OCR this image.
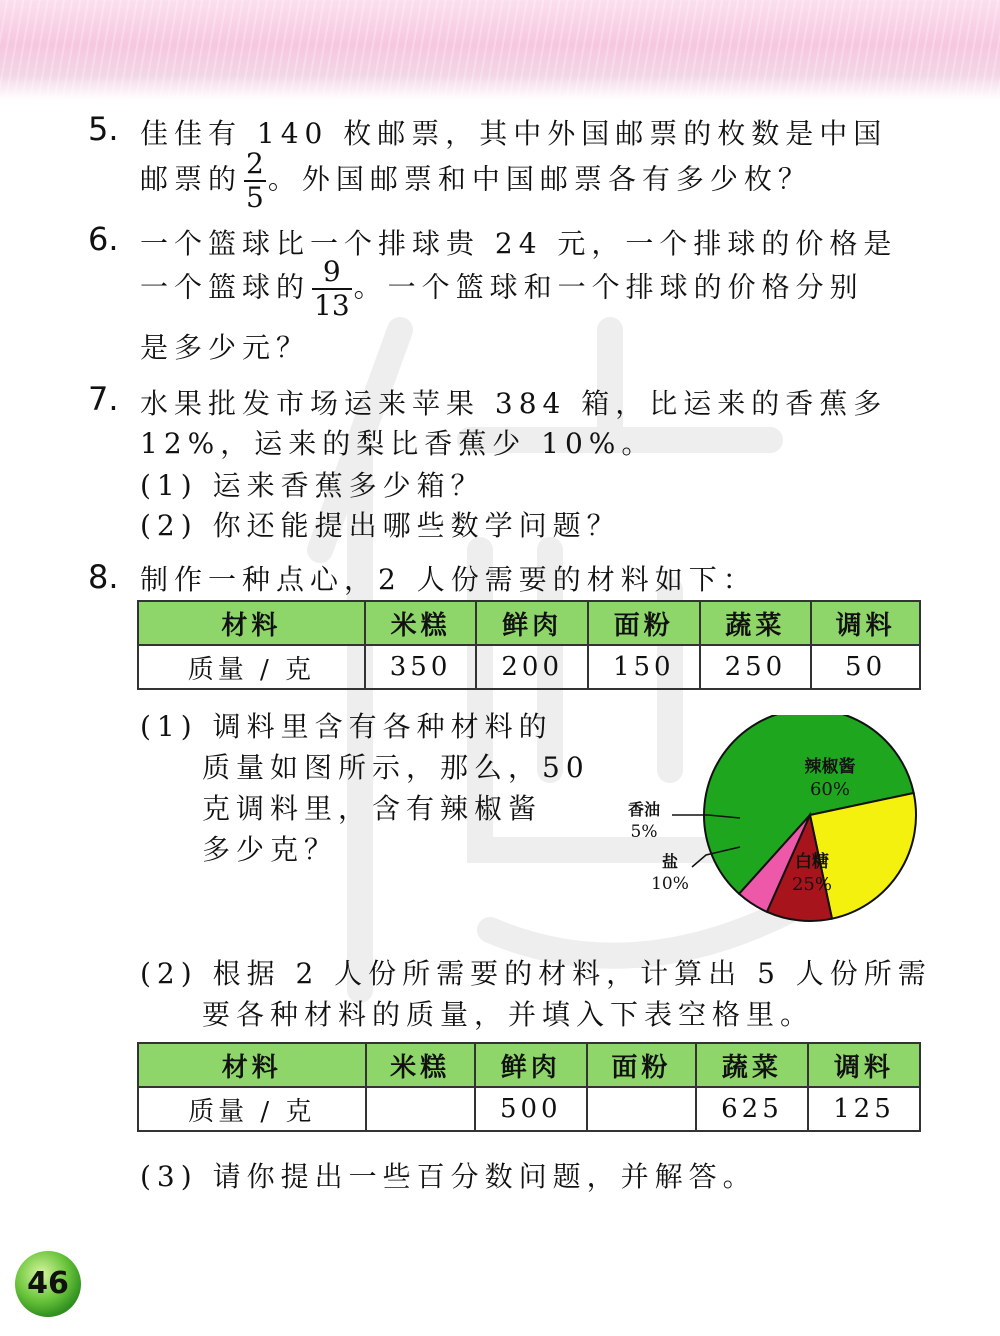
5. 佳佳有 140 枚邮票，其中外国邮票的枚数是中国
邮票的 $\frac{2}{5}$ 。外国邮票和中国邮票各有多少枚？
6. 一个篮球比一个排球贵 24 元，一个排球的价格是
一个篮球的 $\frac{9}{13}$ 。一个篮球和一个排球的价格分别
是多少元？
7. 水果批发市场运来苹果 384 箱，比运来的香蕉多
12%，运来的梨比香蕉少 10%。
(1) 运来香蕉多少箱？
(2) 你还能提出哪些数学问题？
8. 制作一种点心，2 人份需要的材料如下：
材料	米糕	鲜肉	面粉	蔬菜	调料
质量 / 克	350	200	150	250	50
(1) 调料里含有各种材料的
质量如图所示，那么，50
克调料里，含有辣椒酱
多少克？
辣椒酱
60%
白糖
25%
香油
5%
盐
10%
(2) 根据 2 人份所需要的材料，计算出 5 人份所需
要各种材料的质量，并填入下表空格里。
材料	米糕	鲜肉	面粉	蔬菜	调料
质量 / 克		500		625	125
(3) 请你提出一些百分数问题，并解答。
46
